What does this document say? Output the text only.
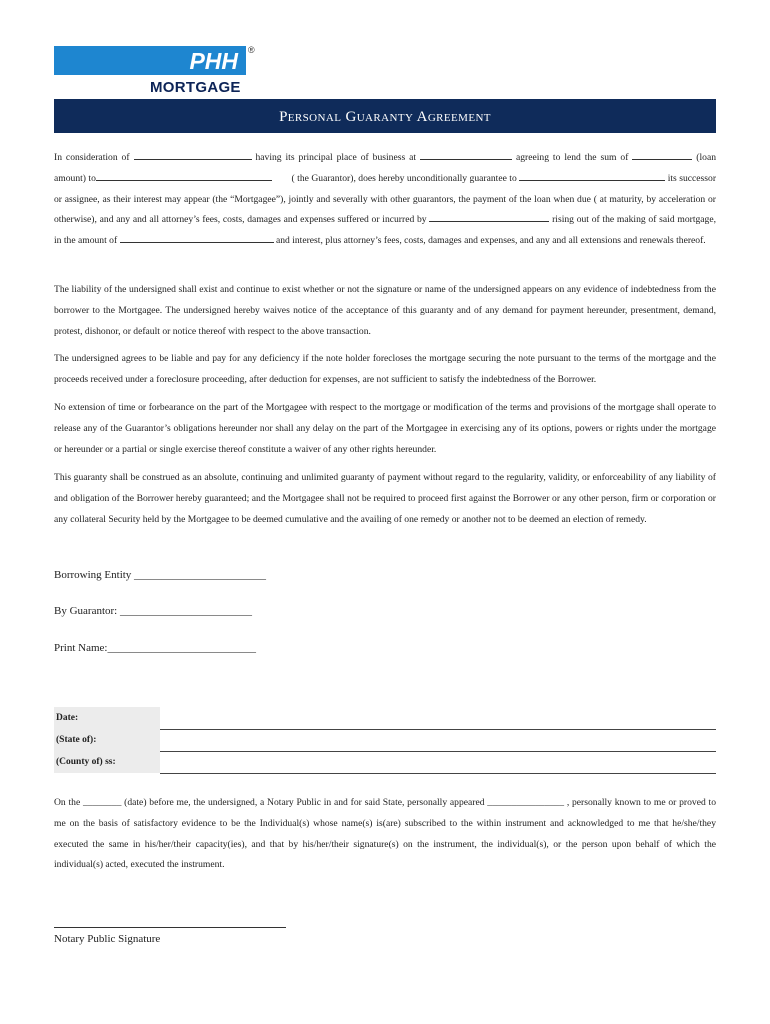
PHH	®
MORTGAGE
Personal Guaranty Agreement
In consideration of	having its principal place of business at	agreeing to lend the sum of	(loan amount) to	( the Guarantor), does hereby unconditionally guarantee to	its successor or assignee, as their interest may appear (the “Mortgagee”), jointly and severally with other guarantors, the payment of the loan when due ( at maturity, by acceleration or otherwise), and any and all attorney’s fees, costs, damages and expenses suffered or incurred by	rising out of the making of said mortgage, in the amount of	and interest, plus attorney’s fees, costs, damages and expenses, and any and all extensions and renewals thereof.
The liability of the undersigned shall exist and continue to exist whether or not the signature or name of the undersigned appears on any evidence of indebtedness from the borrower to the Mortgagee. The undersigned hereby waives notice of the acceptance of this guaranty and of any demand for payment hereunder, presentment, demand, protest, dishonor, or default or notice thereof with respect to the above transaction.
The undersigned agrees to be liable and pay for any deficiency if the note holder forecloses the mortgage securing the note pursuant to the terms of the mortgage and the proceeds received under a foreclosure proceeding, after deduction for expenses, are not sufficient to satisfy the indebtedness of the Borrower.
No extension of time or forbearance on the part of the Mortgagee with respect to the mortgage or modification of the terms and provisions of the mortgage shall operate to release any of the Guarantor’s obligations hereunder nor shall any delay on the part of the Mortgagee in exercising any of its options, powers or rights under the mortgage or hereunder or a partial or single exercise thereof constitute a waiver of any other rights hereunder.
This guaranty shall be construed as an absolute, continuing and unlimited guaranty of payment without regard to the regularity, validity, or enforceability of any liability of and obligation of the Borrower hereby guaranteed; and the Mortgagee shall not be required to proceed first against the Borrower or any other person, firm or corporation or any collateral Security held by the Mortgagee to be deemed cumulative and the availing of one remedy or another not to be deemed an election of remedy.
Borrowing Entity ________________________
By Guarantor: ________________________
Print Name:___________________________
Date:
(State of):
(County of) ss:
On the ________ (date) before me, the undersigned, a Notary Public in and for said State, personally appeared ________________ , personally known to me or proved to me on the basis of satisfactory evidence to be the Individual(s) whose name(s) is(are) subscribed to the within instrument and acknowledged to me that he/she/they executed the same in his/her/their capacity(ies), and that by his/her/their signature(s) on the instrument, the individual(s), or the person upon behalf of which the individual(s) acted, executed the instrument.
Notary Public Signature
